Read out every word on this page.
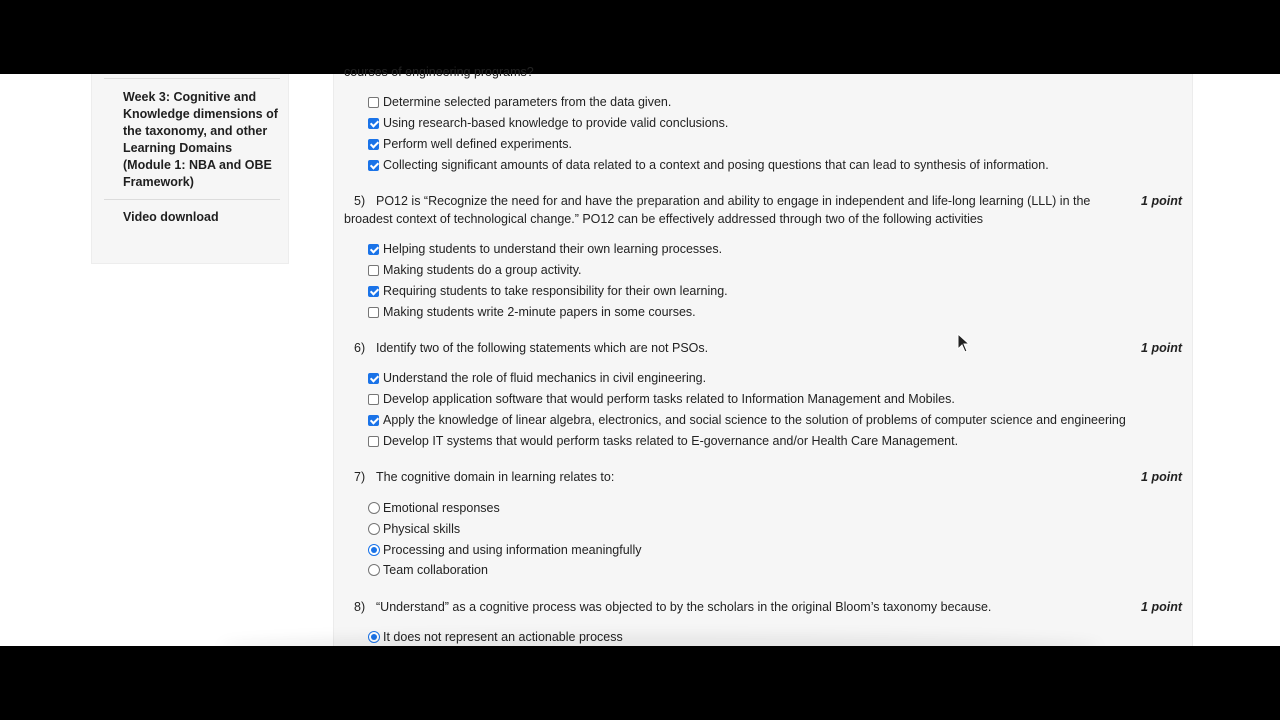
Week 3: Cognitive and Knowledge dimensions of the taxonomy, and other Learning Domains (Module 1: NBA and OBE Framework)
Video download
courses of engineering programs?
Determine selected parameters from the data given.
Using research-based knowledge to provide valid conclusions.
Perform well defined experiments.
Collecting significant amounts of data related to a context and posing questions that can lead to synthesis of information.
5) PO12 is “Recognize the need for and have the preparation and ability to engage in independent and life-long learning (LLL) in the broadest context of technological change.” PO12 can be effectively addressed through two of the following activities
1 point
Helping students to understand their own learning processes.
Making students do a group activity.
Requiring students to take responsibility for their own learning.
Making students write 2-minute papers in some courses.
6) Identify two of the following statements which are not PSOs.	1 point
Understand the role of fluid mechanics in civil engineering.
Develop application software that would perform tasks related to Information Management and Mobiles.
Apply the knowledge of linear algebra, electronics, and social science to the solution of problems of computer science and engineering
Develop IT systems that would perform tasks related to E-governance and/or Health Care Management.
7) The cognitive domain in learning relates to:	1 point
Emotional responses
Physical skills
Processing and using information meaningfully
Team collaboration
8) “Understand” as a cognitive process was objected to by the scholars in the original Bloom’s taxonomy because.	1 point
It does not represent an actionable process
